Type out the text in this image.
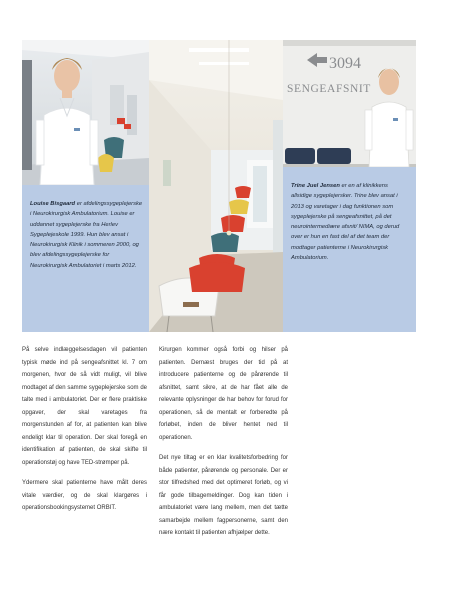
Louise Bisgaard er afdelingssygeplejerske i Neurokirurgisk Ambulatorium. Louise er uddannet sygeplejerske fra Herlev Sygeplejeskole 1999. Hun blev ansat i Neurokirurgisk Klinik i sommeren 2000, og blev afdelingssygeplejerske for Neurokirurgisk Ambulatoriet i marts 2012.

3094
SENGEAFSNIT

Trine Juel Jensen er en af klinikkens allsidige sygeplejersker. Trine blev ansat i 2013 og varetager i dag funktionen som sygeplejerske på sengeafsnittet, på det neurointermediære afsnit/ NIMA, og derud over er hun en fast del af det team der modtager patienterne i Neurokirurgisk Ambulatorium.

På selve indlæggelsesdagen vil patienten typisk møde ind på sengeafsnittet kl. 7 om morgenen, hvor de så vidt muligt, vil blive modtaget af den samme sygeplejerske som de talte med i ambulatoriet. Der er flere praktiske opgaver, der skal varetages fra morgenstunden af for, at patienten kan blive endeligt klar til operation. Der skal foregå en identifikation af patienten, de skal skifte til operationstøj og have TED-strømper på.

Ydermere skal patienterne have målt deres vitale værdier, og de skal klargøres i operationsbookingsystemet ORBIT.

Kirurgen kommer også forbi og hilser på patienten. Dernæst bruges der tid på at introducere patienterne og de pårørende til afsnittet, samt sikre, at de har fået alle de relevante oplysninger de har behov for forud for operationen, så de mentalt er forberedte på forløbet, inden de bliver hentet ned til operationen.

Det nye tiltag er en klar kvalitetsforbedring for både patienter, pårørende og personale. Der er stor tilfredshed med det optimeret forløb, og vi får gode tilbagemeldinger. Dog kan tiden i ambulatoriet være lang mellem, men det tætte samarbejde mellem fagpersonerne, samt den nære kontakt til patienten afhjælper dette.
